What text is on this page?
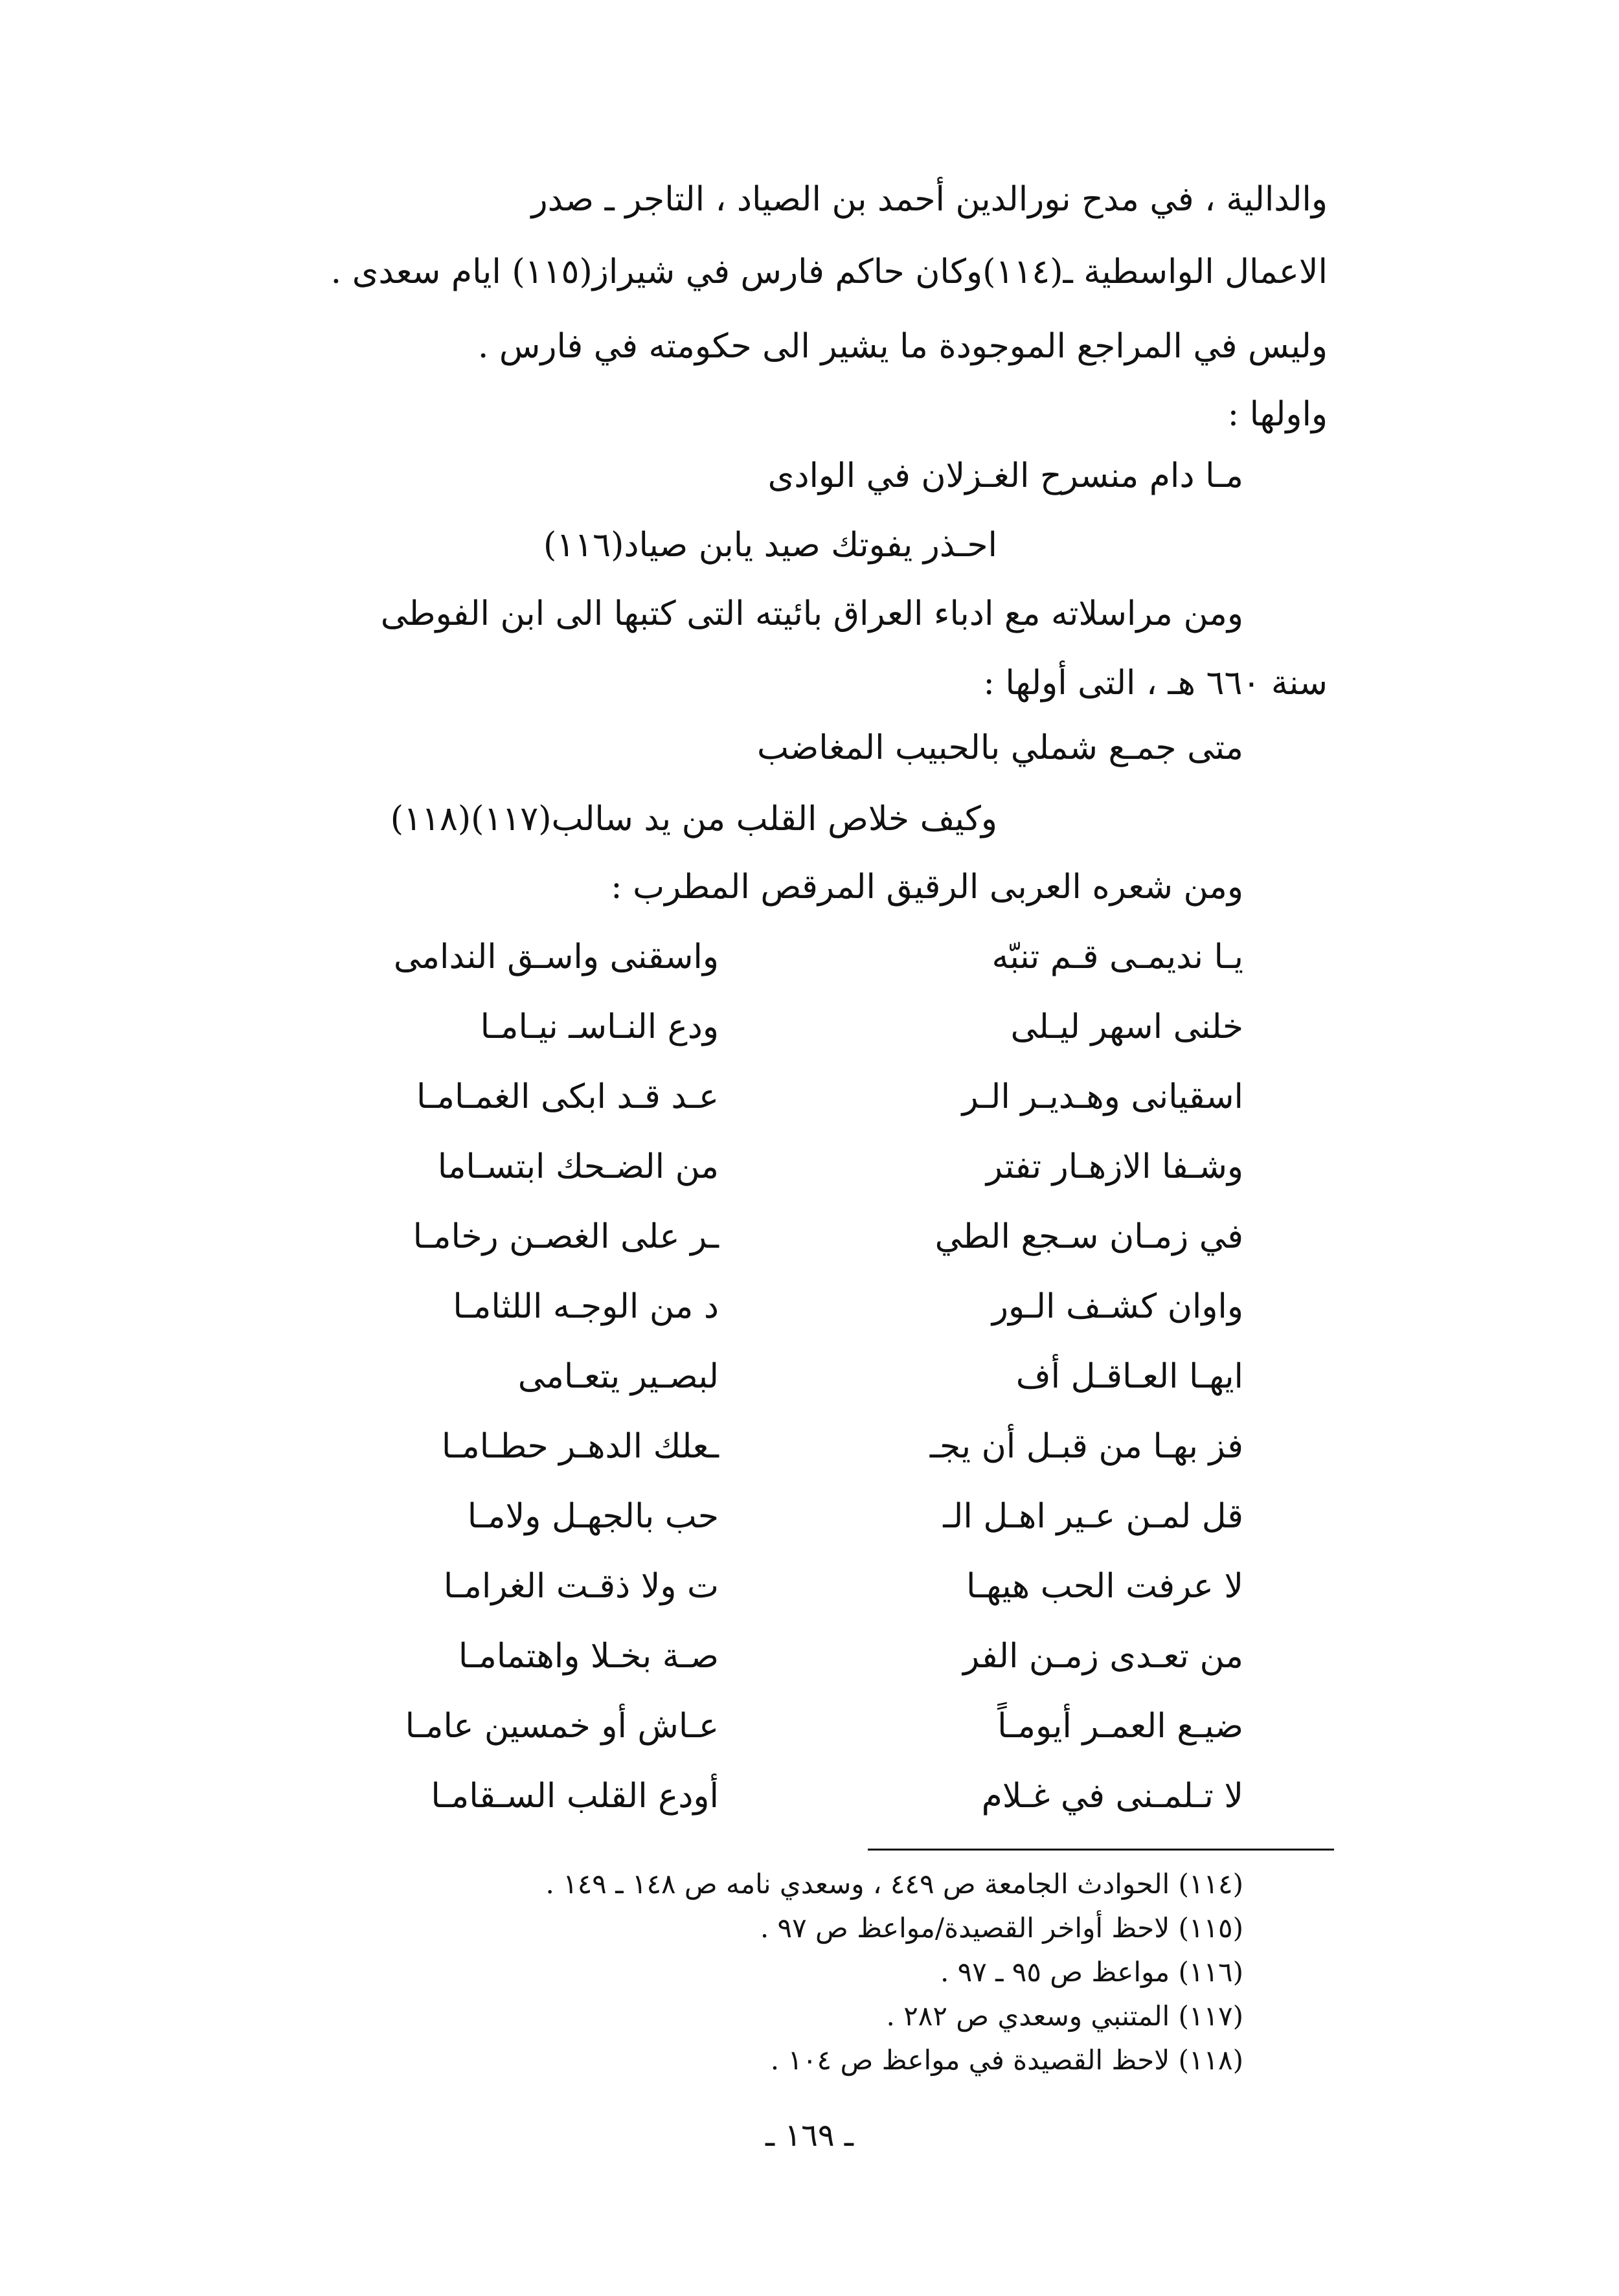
والدالية ، في مدح نورالدين أحمد بن الصياد ، التاجر ـ صدر
الاعمال الواسطية ـ(١١٤)وكان حاكم فارس في شيراز(١١٥) ايام سعدى .
وليس في المراجع الموجودة ما يشير الى حكومته في فارس .
واولها :
مـا دام منسرح الغـزلان في الوادى
احـذر يفوتك صيد يابن صياد(١١٦)
ومن مراسلاته مع ادباء العراق بائيته التى كتبها الى ابن الفوطى
سنة ٦٦٠ هـ ، التى أولها :
متى جمـع شملي بالحبيب المغاضب
وكيف خلاص القلب من يد سالب(١١٧)(١١٨)
ومن شعره العربى الرقيق المرقص المطرب :
يـا نديمـى قـم تنبّه
واسقنى واسـق الندامى
خلنى اسهر ليـلى
ودع النـاسـ نيـامـا
اسقيانى وهـديـر الـر
عـد قـد ابكى الغمـامـا
وشـفا الازهـار تفتر
من الضـحك ابتسـاما
في زمـان سـجع الطي
ـر على الغصـن رخامـا
واوان كشـف الـور
د من الوجـه اللثامـا
ايهـا العـاقـل أف
لبصـير يتعـامى
فز بهـا من قبـل أن يجـ
ـعلك الدهـر حطـامـا
قل لمـن عـير اهـل الـ
حب بالجهـل ولامـا
لا عرفت الحب هيهـا
ت ولا ذقـت الغرامـا
من تعـدى زمـن الفر
صـة بخـلا واهتمامـا
ضيـع العمـر أيومـاً
عـاش أو خمسين عامـا
لا تـلمـنى في غـلام
أودع القلب السـقامـا
(١١٤) الحوادث الجامعة ص ٤٤٩ ، وسعدي نامه ص ١٤٨ ـ ١٤٩ .
(١١٥) لاحظ أواخر القصيدة/مواعظ ص ٩٧ .
(١١٦) مواعظ ص ٩٥ ـ ٩٧ .
(١١٧) المتنبي وسعدي ص ٢٨٢ .
(١١٨) لاحظ القصيدة في مواعظ ص ١٠٤ .
ـ ١٦٩ ـ
